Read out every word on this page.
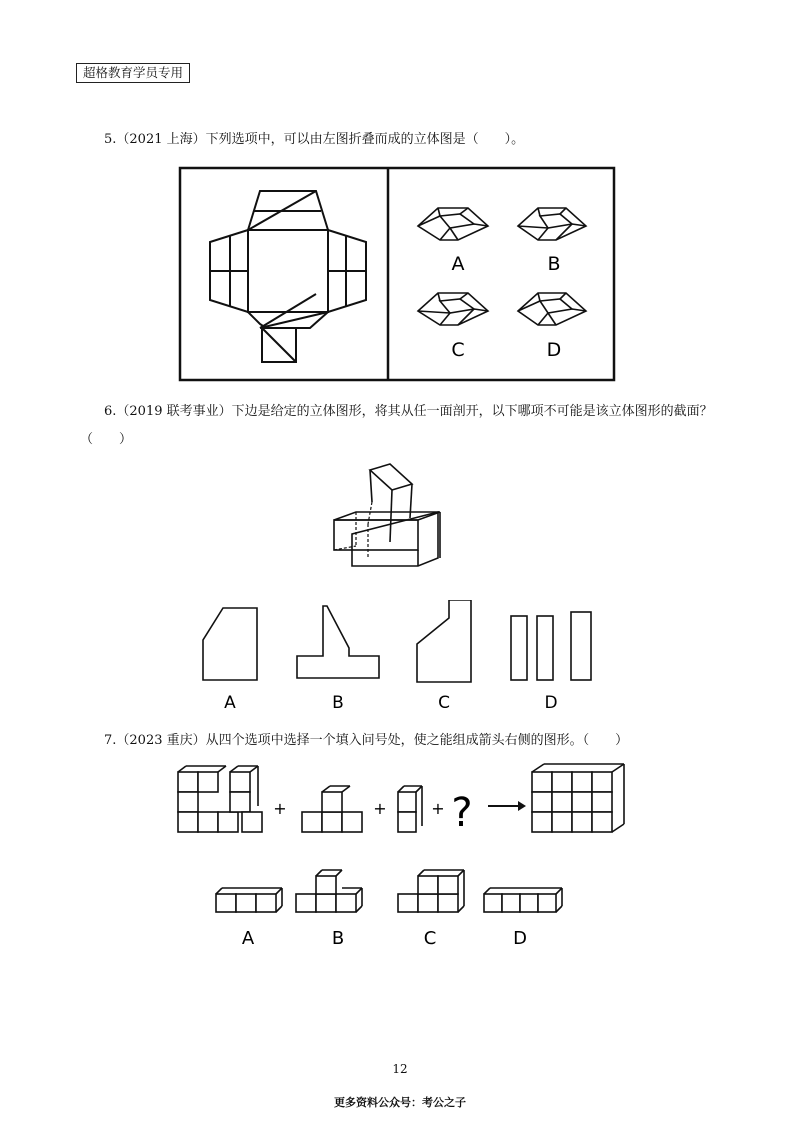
超格教育学员专用
5.（2021 上海）下列选项中，可以由左图折叠而成的立体图是（　　）。
A	B
C	D
6.（2019 联考事业）下边是给定的立体图形，将其从任一面剖开，以下哪项不可能是该立体图形的截面？
（　　）
A	B	C	D
7.（2023 重庆）从四个选项中选择一个填入问号处，使之能组成箭头右侧的图形。（　　）
+	+	+ ?
A	B	C	D
12
更多资料公众号：考公之子
